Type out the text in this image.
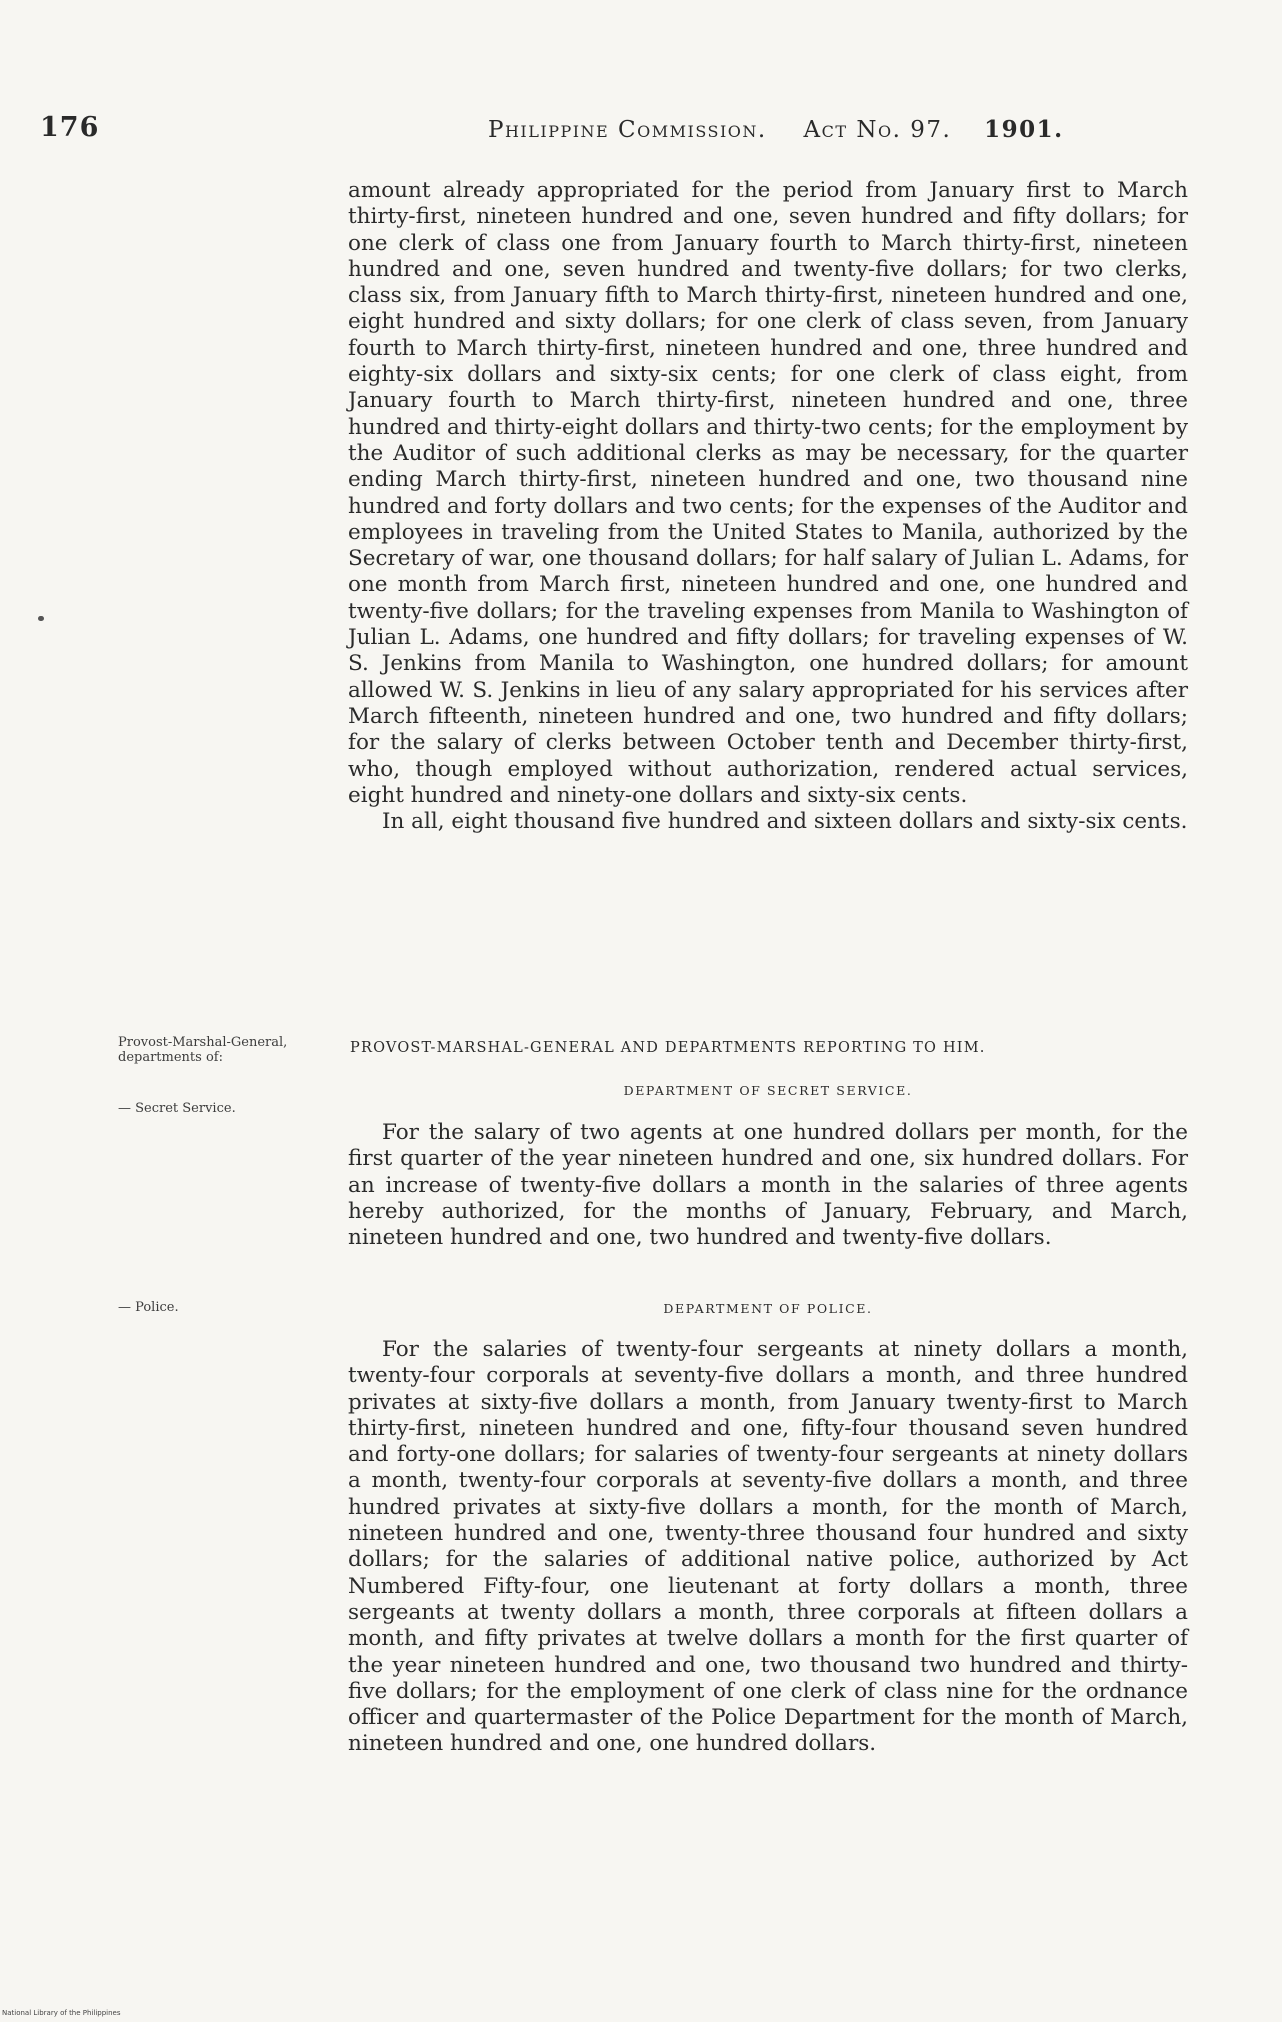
176	Philippine Commission. Act No. 97. 1901.

amount already appropriated for the period from January first to March thirty-first, nineteen hundred and one, seven hundred and fifty dollars; for one clerk of class one from January fourth to March thirty-first, nineteen hundred and one, seven hundred and twenty-five dollars; for two clerks, class six, from January fifth to March thirty-first, nineteen hundred and one, eight hundred and sixty dollars; for one clerk of class seven, from January fourth to March thirty-first, nineteen hundred and one, three hundred and eighty-six dollars and sixty-six cents; for one clerk of class eight, from January fourth to March thirty-first, nineteen hundred and one, three hundred and thirty-eight dollars and thirty-two cents; for the employment by the Auditor of such additional clerks as may be necessary, for the quarter ending March thirty-first, nineteen hundred and one, two thousand nine hundred and forty dollars and two cents; for the expenses of the Auditor and employees in traveling from the United States to Manila, authorized by the Secretary of war, one thousand dollars; for half salary of Julian L. Adams, for one month from March first, nineteen hundred and one, one hundred and twenty-five dollars; for the traveling expenses from Manila to Washington of Julian L. Adams, one hundred and fifty dollars; for traveling expenses of W. S. Jenkins from Manila to Washington, one hundred dollars; for amount allowed W. S. Jenkins in lieu of any salary appropriated for his services after March fifteenth, nineteen hundred and one, two hundred and fifty dollars; for the salary of clerks between October tenth and December thirty-first, who, though employed without authorization, rendered actual services, eight hundred and ninety-one dollars and sixty-six cents.

In all, eight thousand five hundred and sixteen dollars and sixty-six cents.

Provost-Marshal-General, departments of:
PROVOST-MARSHAL-GENERAL AND DEPARTMENTS REPORTING TO HIM.
DEPARTMENT OF SECRET SERVICE.
— Secret Service.

For the salary of two agents at one hundred dollars per month, for the first quarter of the year nineteen hundred and one, six hundred dollars. For an increase of twenty-five dollars a month in the salaries of three agents hereby authorized, for the months of January, February, and March, nineteen hundred and one, two hundred and twenty-five dollars.

— Police.	DEPARTMENT OF POLICE.

For the salaries of twenty-four sergeants at ninety dollars a month, twenty-four corporals at seventy-five dollars a month, and three hundred privates at sixty-five dollars a month, from January twenty-first to March thirty-first, nineteen hundred and one, fifty-four thousand seven hundred and forty-one dollars; for salaries of twenty-four sergeants at ninety dollars a month, twenty-four corporals at seventy-five dollars a month, and three hundred privates at sixty-five dollars a month, for the month of March, nineteen hundred and one, twenty-three thousand four hundred and sixty dollars; for the salaries of additional native police, authorized by Act Numbered Fifty-four, one lieutenant at forty dollars a month, three sergeants at twenty dollars a month, three corporals at fifteen dollars a month, and fifty privates at twelve dollars a month for the first quarter of the year nineteen hundred and one, two thousand two hundred and thirty-five dollars; for the employment of one clerk of class nine for the ordnance officer and quartermaster of the Police Department for the month of March, nineteen hundred and one, one hundred dollars.

National Library of the Philippines
